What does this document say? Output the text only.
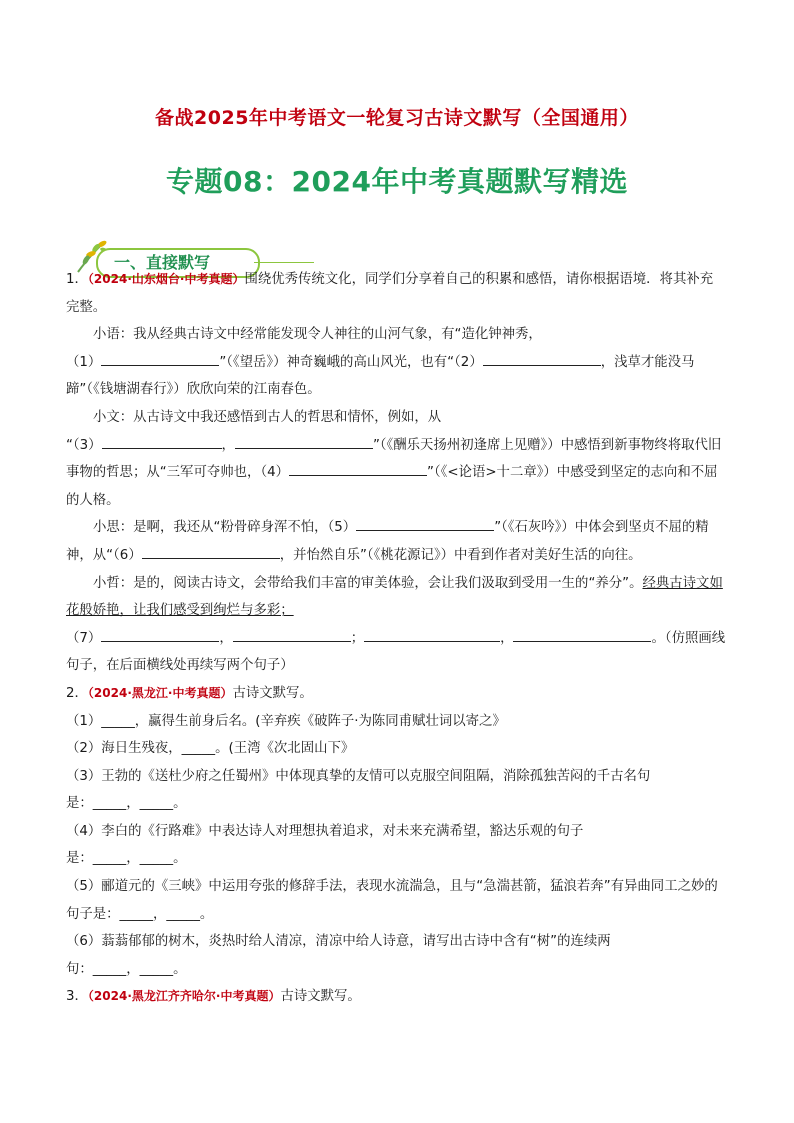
备战2025年中考语文一轮复习古诗文默写（全国通用）
专题08：2024年中考真题默写精选
一、直接默写

1．（2024·山东烟台·中考真题）围绕优秀传统文化，同学们分享着自己的积累和感悟，请你根据语境．将其补充完整。

小语：我从经典古诗文中经常能发现令人神往的山河气象，有“造化钟神秀，

（1）	”（《望岳》）神奇巍峨的高山风光，也有“（2）	，浅草才能没马蹄”（《钱塘湖春行》）欣欣向荣的江南春色。

小文：从古诗文中我还感悟到古人的哲思和情怀，例如，从

“（3）	，	”（《酬乐天扬州初逢席上见赠》）中感悟到新事物终将取代旧事物的哲思；从“三军可夺帅也，（4）	”（《<论语>十二章》）中感受到坚定的志向和不屈的人格。

小思：是啊，我还从“粉骨碎身浑不怕，（5）	”（《石灰吟》）中体会到坚贞不屈的精神，从“（6）	，并怡然自乐”（《桃花源记》）中看到作者对美好生活的向往。

小哲：是的，阅读古诗文，会带给我们丰富的审美体验，会让我们汲取到受用一生的“养分”。经典古诗文如花般娇艳，让我们感受到绚烂与多彩；

（7）	，	；	，	。（仿照画线句子，在后面横线处再续写两个句子）

2．（2024·黑龙江·中考真题）古诗文默写。

（1）_____，赢得生前身后名。(辛弃疾《破阵子·为陈同甫赋壮词以寄之》

（2）海日生残夜，_____。(王湾《次北固山下》

（3）王勃的《送杜少府之任蜀州》中体现真挚的友情可以克服空间阻隔，消除孤独苦闷的千古名句

是：_____，_____。

（4）李白的《行路难》中表达诗人对理想执着追求，对未来充满希望，豁达乐观的句子

是：_____，_____。

（5）郦道元的《三峡》中运用夸张的修辞手法，表现水流湍急，且与“急湍甚箭，猛浪若奔”有异曲同工之妙的句子是：_____，_____。

（6）蓊蓊郁郁的树木，炎热时给人清凉，清凉中给人诗意，请写出古诗中含有“树”的连续两

句：_____，_____。

3．（2024·黑龙江齐齐哈尔·中考真题）古诗文默写。
